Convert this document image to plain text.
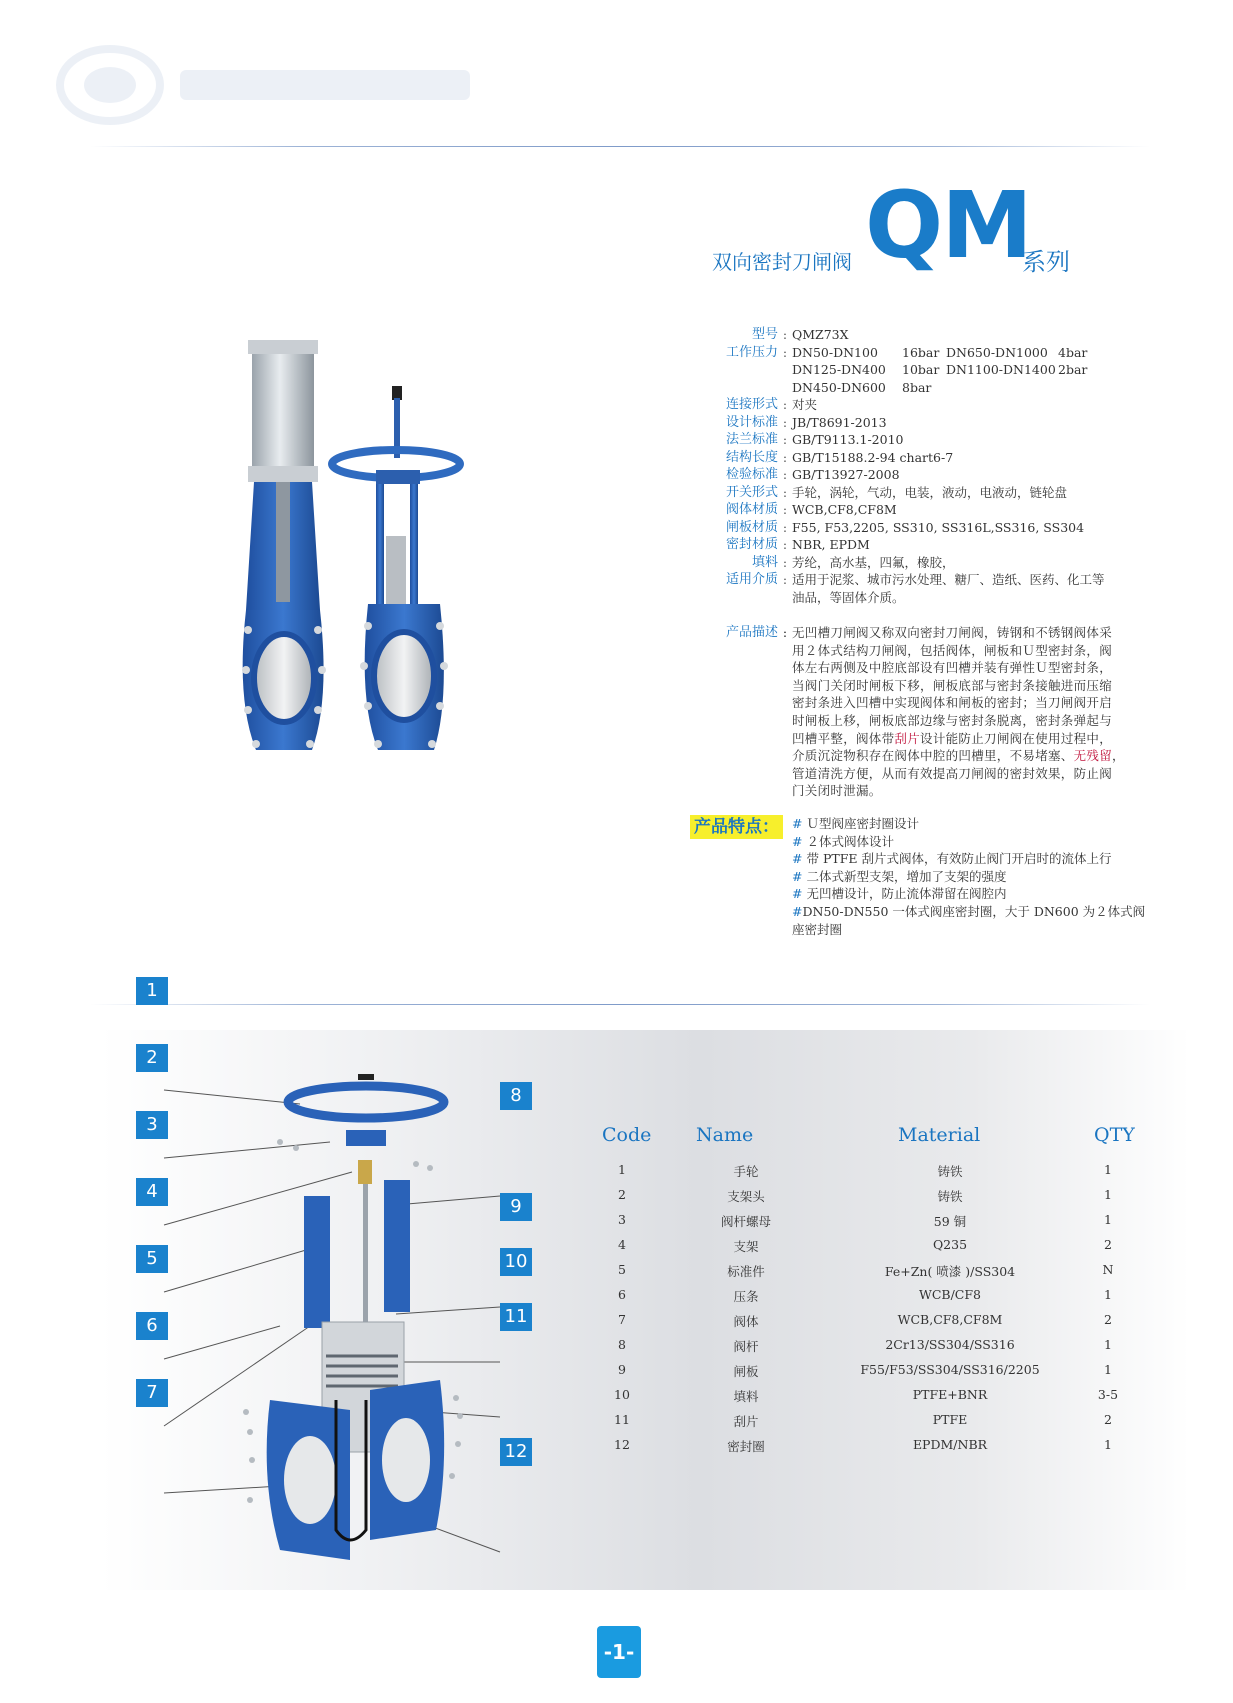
双向密封刀闸阀 QM
系列
型号 : QMZ73X
工作压力 : DN50-DN100 16bar DN650-DN1000 4bar
DN125-DN400 10bar DN1100-DN1400 2bar
DN450-DN600 8bar
连接形式 : 对夹
设计标准 : JB/T8691-2013
法兰标准 : GB/T9113.1-2010
结构长度 : GB/T15188.2-94 chart6-7
检验标准 : GB/T13927-2008
开关形式 : 手轮，涡轮，气动，电装，液动，电液动，链轮盘
阀体材质 : WCB,CF8,CF8M
闸板材质 : F55, F53,2205, SS310, SS316L,SS316, SS304
密封材质 : NBR, EPDM
填料 : 芳纶，高水基，四氟，橡胶，
适用介质 : 适用于泥浆、城市污水处理、糖厂、造纸、医药、化工等
油品，等固体介质。
产品描述 : 无凹槽刀闸阀又称双向密封刀闸阀，铸钢和不锈钢阀体采
用２体式结构刀闸阀，包括阀体，闸板和Ｕ型密封条，阀
体左右两侧及中腔底部设有凹槽并装有弹性Ｕ型密封条，
当阀门关闭时闸板下移，闸板底部与密封条接触进而压缩
密封条进入凹槽中实现阀体和闸板的密封；当刀闸阀开启
时闸板上移，闸板底部边缘与密封条脱离，密封条弹起与
凹槽平整，阀体带刮片设计能防止刀闸阀在使用过程中，
介质沉淀物积存在阀体中腔的凹槽里，不易堵塞、无残留，
管道清洗方便，从而有效提高刀闸阀的密封效果，防止阀
门关闭时泄漏。
产品特点：	# Ｕ型阀座密封圈设计
# ２体式阀体设计
# 带 PTFE 刮片式阀体，有效防止阀门开启时的流体上行
# 二体式新型支架，增加了支架的强度
# 无凹槽设计，防止流体滞留在阀腔内
#DN50-DN550 一体式阀座密封圈，大于 DN600 为２体式阀
座密封圈
1
2
3
4
5
6
7
8
9
10
11
12
Code Name	Material	QTY
1	手轮	铸铁	1
2	支架头	铸铁	1
3	阀杆螺母	59 铜	1
4	支架	Q235	2
5	标准件	Fe+Zn( 喷漆 )/SS304	N
6	压条	WCB/CF8	1
7	阀体	WCB,CF8,CF8M	2
8	阀杆	2Cr13/SS304/SS316	1
9	闸板	F55/F53/SS304/SS316/2205	1
10	填料	PTFE+BNR	3-5
11	刮片	PTFE	2
12	密封圈	EPDM/NBR	1
-1-
